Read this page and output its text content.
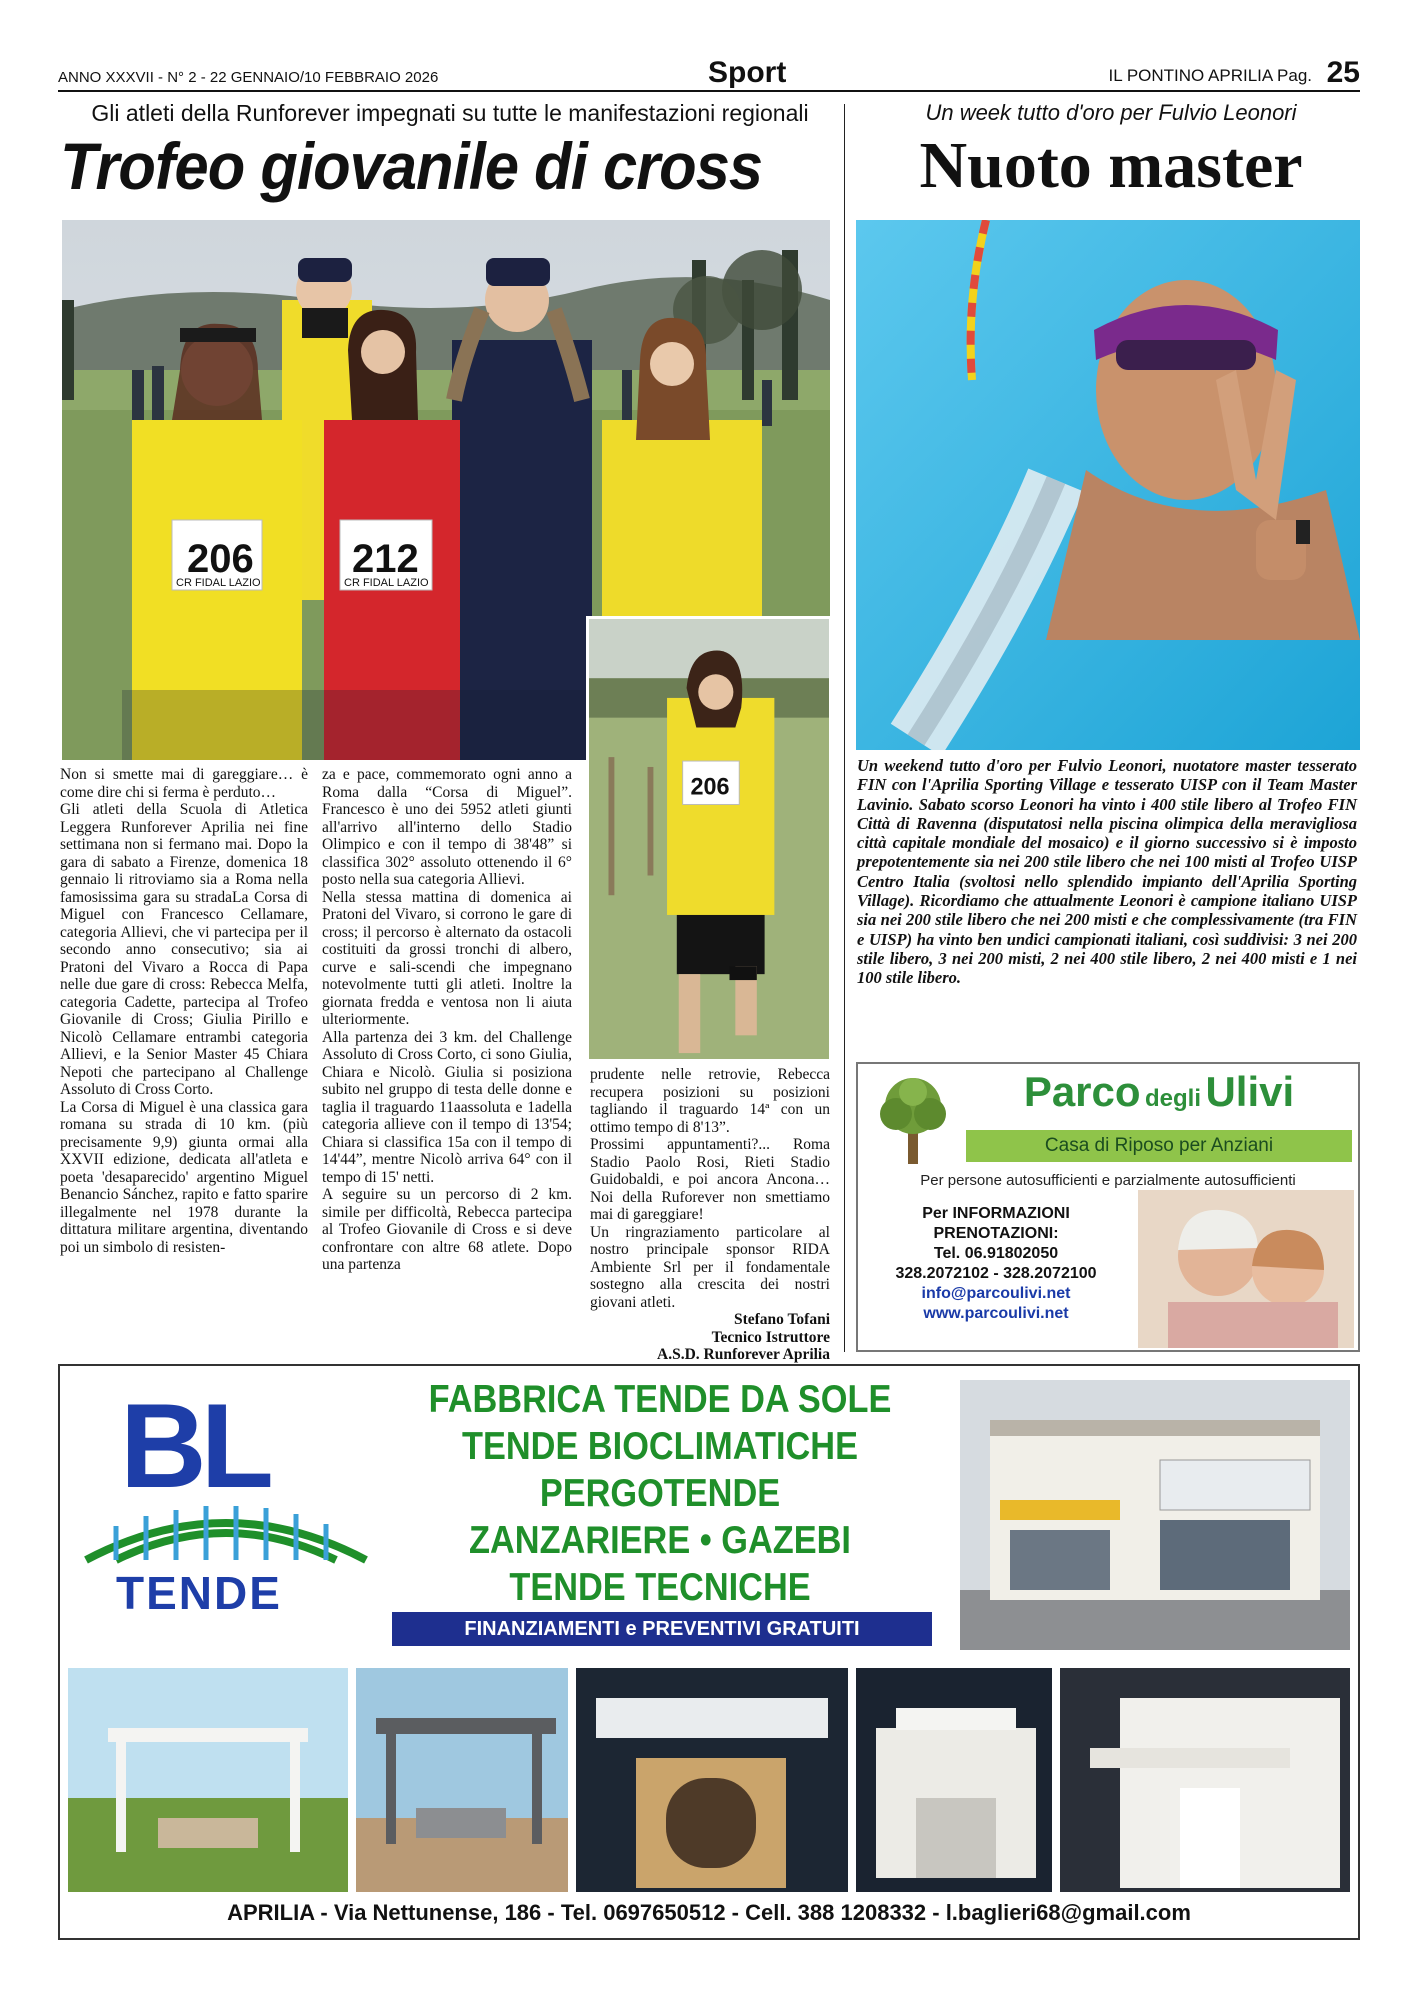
ANNO XXXVII - N° 2 - 22 GENNAIO/10 FEBBRAIO 2026	Sport	IL PONTINO APRILIA Pag. 25
Gli atleti della Runforever impegnati su tutte le manifestazioni regionali
Trofeo giovanile di cross
Un week tutto d'oro per Fulvio Leonori
Nuoto master
206 212
CR FIDAL LAZIO	CR FIDAL LAZIO
206

Non si smette mai di gareggiare… è come dire chi si ferma è perduto…

Gli atleti della Scuola di Atletica Leggera Runforever Aprilia nei fine settimana non si fermano mai. Dopo la gara di sabato a Firenze, domenica 18 gennaio li ritroviamo sia a Roma nella famosissima gara su stradaLa Corsa di Miguel con Francesco Cellamare, categoria Allievi, che vi partecipa per il secondo anno consecutivo; sia ai Pratoni del Vivaro a Rocca di Papa nelle due gare di cross: Rebecca Melfa, categoria Cadette, partecipa al Trofeo Giovanile di Cross; Giulia Pirillo e Nicolò Cellamare entrambi categoria Allievi, e la Senior Master 45 Chiara Nepoti che partecipano al Challenge Assoluto di Cross Corto.

La Corsa di Miguel è una classica gara romana su strada di 10 km. (più precisamente 9,9) giunta ormai alla XXVII edizione, dedicata all'atleta e poeta 'desaparecido' argentino Miguel Benancio Sánchez, rapito e fatto sparire illegalmente nel 1978 durante la dittatura militare argentina, diventando poi un simbolo di resisten-

za e pace, commemorato ogni anno a Roma dalla “Corsa di Miguel”. Francesco è uno dei 5952 atleti giunti all'arrivo all'interno dello Stadio Olimpico e con il tempo di 38'48” si classifica 302° assoluto ottenendo il 6° posto nella sua categoria Allievi.

Nella stessa mattina di domenica ai Pratoni del Vivaro, si corrono le gare di cross; il percorso è alternato da ostacoli costituiti da grossi tronchi di albero, curve e sali-scendi che impegnano notevolmente tutti gli atleti. Inoltre la giornata fredda e ventosa non li aiuta ulteriormente.

Alla partenza dei 3 km. del Challenge Assoluto di Cross Corto, ci sono Giulia, Chiara e Nicolò. Giulia si posiziona subito nel gruppo di testa delle donne e taglia il traguardo 11aassoluta e 1adella categoria allieve con il tempo di 13'54; Chiara si classifica 15a con il tempo di 14'44”, mentre Nicolò arriva 64° con il tempo di 15' netti.

A seguire su un percorso di 2 km. simile per difficoltà, Rebecca partecipa al Trofeo Giovanile di Cross e si deve confrontare con altre 68 atlete. Dopo una partenza

prudente nelle retrovie, Rebecca recupera posizioni su posizioni tagliando il traguardo 14ª con un ottimo tempo di 8'13”.

Prossimi appuntamenti?... Roma Stadio Paolo Rosi, Rieti Stadio Guidobaldi, e poi ancora Ancona… Noi della Ruforever non smettiamo mai di gareggiare!

Un ringraziamento particolare al nostro principale sponsor RIDA Ambiente Srl per il fondamentale sostegno alla crescita dei nostri giovani atleti.

Stefano Tofani

Tecnico Istruttore

A.S.D. Runforever Aprilia

Un weekend tutto d'oro per Fulvio Leonori, nuotatore master tesserato FIN con l'Aprilia Sporting Village e tesserato UISP con il Team Master Lavinio. Sabato scorso Leonori ha vinto i 400 stile libero al Trofeo FIN Città di Ravenna (disputatosi nella piscina olimpica della meravigliosa città capitale mondiale del mosaico) e il giorno successivo si è imposto prepotentemente sia nei 200 stile libero che nei 100 misti al Trofeo UISP Centro Italia (svoltosi nello splendido impianto dell'Aprilia Sporting Village). Ricordiamo che attualmente Leonori è campione italiano UISP sia nei 200 stile libero che nei 200 misti e che complessivamente (tra FIN e UISP) ha vinto ben undici campionati italiani, così suddivisi: 3 nei 200 stile libero, 3 nei 200 misti, 2 nei 400 stile libero, 2 nei 400 misti e 1 nei 100 stile libero.
Parco degli Ulivi
Casa di Riposo per Anziani
Per persone autosufficienti e parzialmente autosufficienti
Per INFORMAZIONI
PRENOTAZIONI:
Tel. 06.91802050
328.2072102 - 328.2072100
info@parcoulivi.net
www.parcoulivi.net
BL
TENDE
FABBRICA TENDE DA SOLE
TENDE BIOCLIMATICHE
PERGOTENDE
ZANZARIERE • GAZEBI
TENDE TECNICHE
FINANZIAMENTI e PREVENTIVI GRATUITI
APRILIA - Via Nettunense, 186 - Tel. 0697650512 - Cell. 388 1208332 - l.baglieri68@gmail.com
